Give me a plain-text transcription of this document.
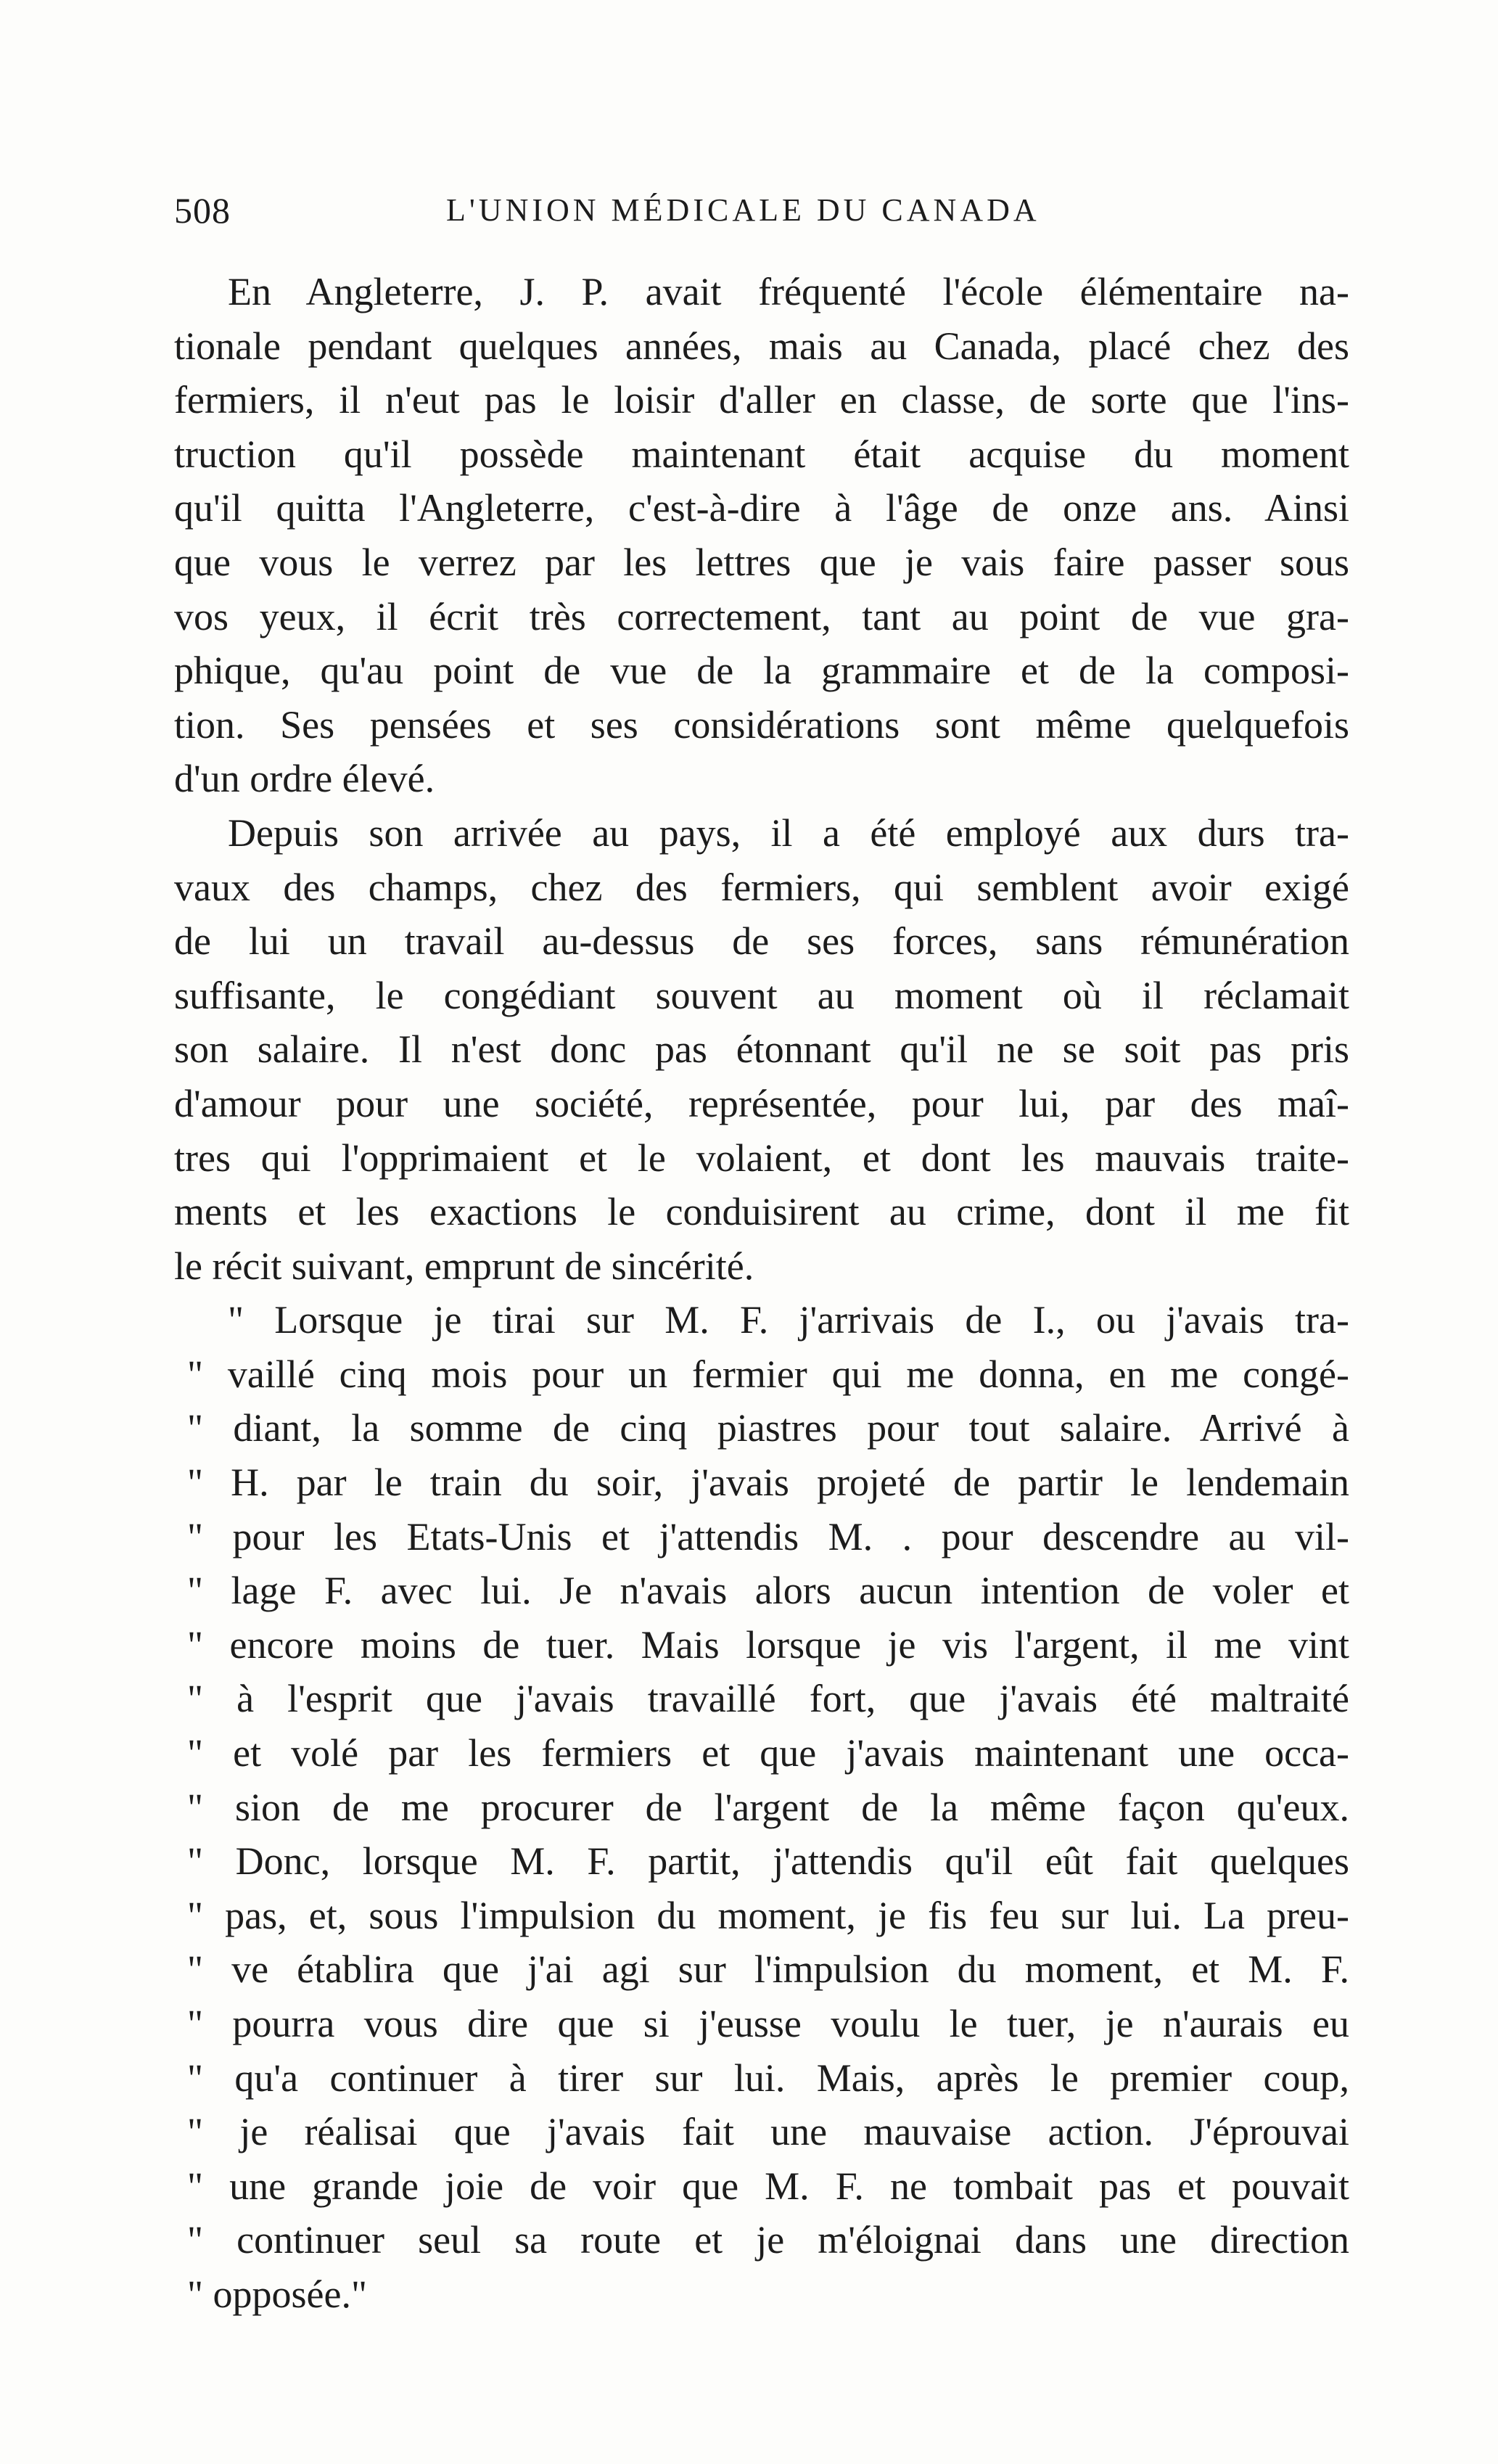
508	L'UNION MÉDICALE DU CANADA
En Angleterre, J. P. avait fréquenté l'école élémentaire na-
tionale pendant quelques années, mais au Canada, placé chez des
fermiers, il n'eut pas le loisir d'aller en classe, de sorte que l'ins-
truction qu'il possède maintenant était acquise du moment
qu'il quitta l'Angleterre, c'est-à-dire à l'âge de onze ans. Ainsi
que vous le verrez par les lettres que je vais faire passer sous
vos yeux, il écrit très correctement, tant au point de vue gra-
phique, qu'au point de vue de la grammaire et de la composi-
tion. Ses pensées et ses considérations sont même quelquefois
d'un ordre élevé.
Depuis son arrivée au pays, il a été employé aux durs tra-
vaux des champs, chez des fermiers, qui semblent avoir exigé
de lui un travail au-dessus de ses forces, sans rémunération
suffisante, le congédiant souvent au moment où il réclamait
son salaire. Il n'est donc pas étonnant qu'il ne se soit pas pris
d'amour pour une société, représentée, pour lui, par des maî-
tres qui l'opprimaient et le volaient, et dont les mauvais traite-
ments et les exactions le conduisirent au crime, dont il me fit
le récit suivant, emprunt de sincérité.
" Lorsque je tirai sur M. F. j'arrivais de I., ou j'avais tra-
" vaillé cinq mois pour un fermier qui me donna, en me congé-
" diant, la somme de cinq piastres pour tout salaire. Arrivé à
" H. par le train du soir, j'avais projeté de partir le lendemain
" pour les Etats-Unis et j'attendis M. . pour descendre au vil-
" lage F. avec lui. Je n'avais alors aucun intention de voler et
" encore moins de tuer. Mais lorsque je vis l'argent, il me vint
" à l'esprit que j'avais travaillé fort, que j'avais été maltraité
" et volé par les fermiers et que j'avais maintenant une occa-
" sion de me procurer de l'argent de la même façon qu'eux.
" Donc, lorsque M. F. partit, j'attendis qu'il eût fait quelques
" pas, et, sous l'impulsion du moment, je fis feu sur lui. La preu-
" ve établira que j'ai agi sur l'impulsion du moment, et M. F.
" pourra vous dire que si j'eusse voulu le tuer, je n'aurais eu
" qu'a continuer à tirer sur lui. Mais, après le premier coup,
" je réalisai que j'avais fait une mauvaise action. J'éprouvai
" une grande joie de voir que M. F. ne tombait pas et pouvait
" continuer seul sa route et je m'éloignai dans une direction
" opposée."
